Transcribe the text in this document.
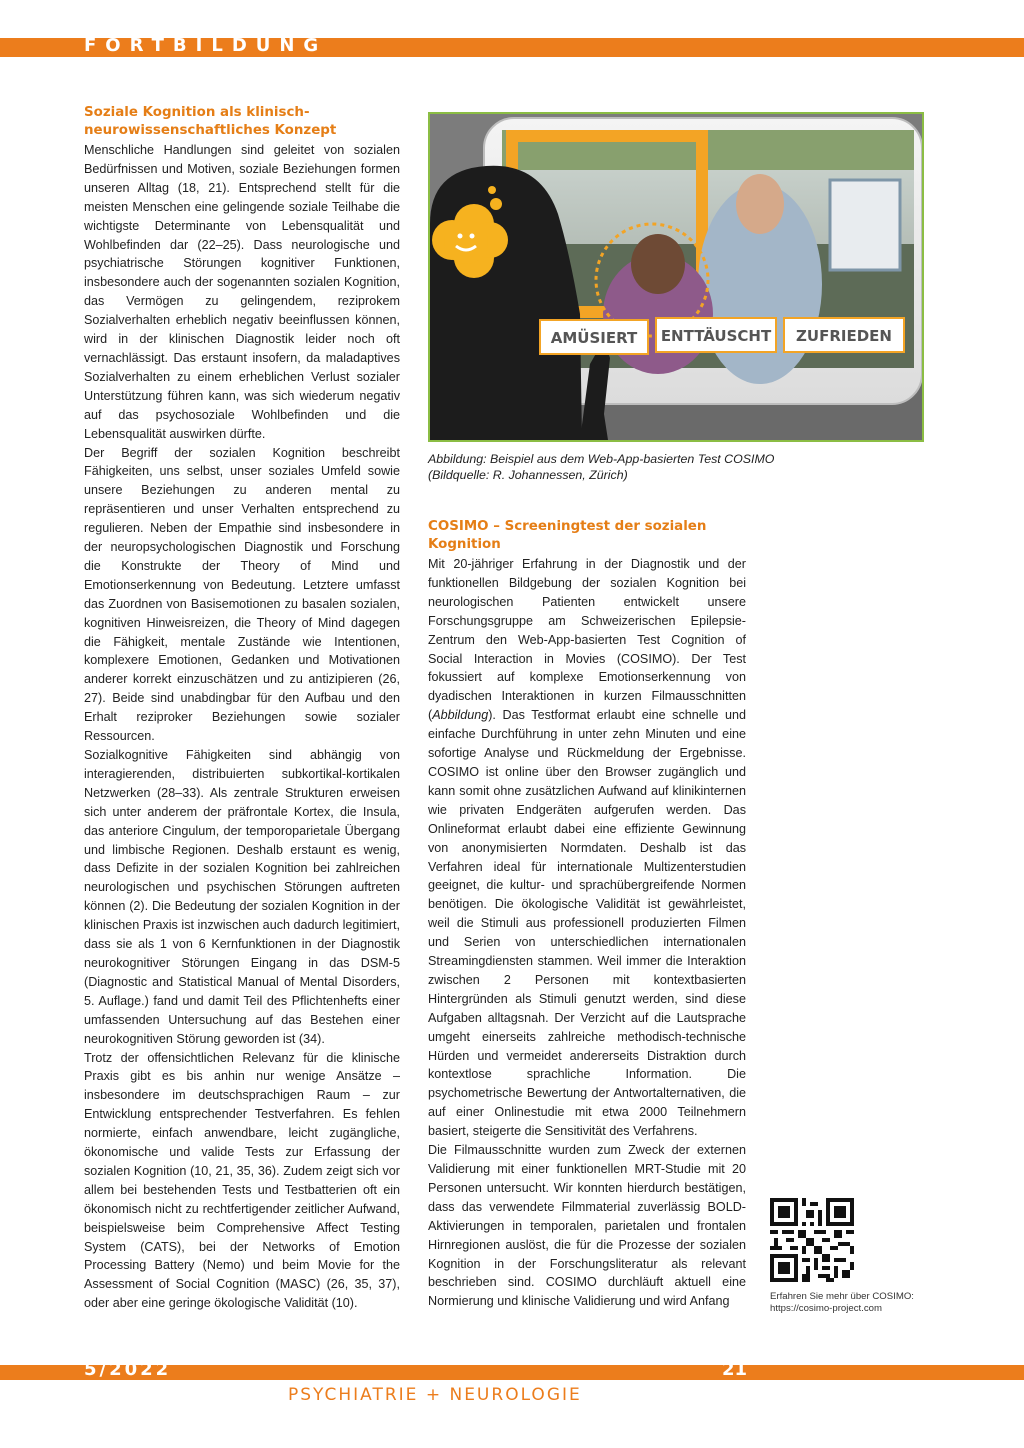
FORTBILDUNG
Soziale Kognition als klinisch-neurowissenschaftliches Konzept

Menschliche Handlungen sind geleitet von sozialen Bedürfnissen und Motiven, soziale Beziehungen formen unseren Alltag (18, 21). Entsprechend stellt für die meisten Menschen eine gelingende soziale Teilhabe die wichtigste Determinante von Lebensqualität und Wohlbefinden dar (22–25). Dass neurologische und psychiatrische Störungen kognitiver Funktionen, insbesondere auch der sogenannten sozialen Kognition, das Vermögen zu gelingendem, reziprokem Sozialverhalten erheblich negativ beeinflussen können, wird in der klinischen Diagnostik leider noch oft vernachlässigt. Das erstaunt insofern, da maladaptives Sozialverhalten zu einem erheblichen Verlust sozialer Unterstützung führen kann, was sich wiederum negativ auf das psychosoziale Wohlbefinden und die Lebensqualität auswirken dürfte.

Der Begriff der sozialen Kognition beschreibt Fähigkeiten, uns selbst, unser soziales Umfeld sowie unsere Beziehungen zu anderen mental zu repräsentieren und unser Verhalten entsprechend zu regulieren. Neben der Empathie sind insbesondere in der neuropsychologischen Diagnostik und Forschung die Konstrukte der Theory of Mind und Emotionserkennung von Bedeutung. Letztere umfasst das Zuordnen von Basisemotionen zu basalen sozialen, kognitiven Hinweisreizen, die Theory of Mind dagegen die Fähigkeit, mentale Zustände wie Intentionen, komplexere Emotionen, Gedanken und Motivationen anderer korrekt einzuschätzen und zu antizipieren (26, 27). Beide sind unabdingbar für den Aufbau und den Erhalt reziproker Beziehungen sowie sozialer Ressourcen.

Sozialkognitive Fähigkeiten sind abhängig von interagierenden, distribuierten subkortikal-kortikalen Netzwerken (28–33). Als zentrale Strukturen erweisen sich unter anderem der präfrontale Kortex, die Insula, das anteriore Cingulum, der temporoparietale Übergang und limbische Regionen. Deshalb erstaunt es wenig, dass Defizite in der sozialen Kognition bei zahlreichen neurologischen und psychischen Störungen auftreten können (2). Die Bedeutung der sozialen Kognition in der klinischen Praxis ist inzwischen auch dadurch legitimiert, dass sie als 1 von 6 Kernfunktionen in der Diagnostik neurokognitiver Störungen Eingang in das DSM-5 (Diagnostic and Statistical Manual of Mental Disorders, 5. Auflage.) fand und damit Teil des Pflichtenhefts einer umfassenden Untersuchung auf das Bestehen einer neurokognitiven Störung geworden ist (34).

Trotz der offensichtlichen Relevanz für die klinische Praxis gibt es bis anhin nur wenige Ansätze – insbesondere im deutschsprachigen Raum – zur Entwicklung entsprechender Testverfahren. Es fehlen normierte, einfach anwendbare, leicht zugängliche, ökonomische und valide Tests zur Erfassung der sozialen Kognition (10, 21, 35, 36). Zudem zeigt sich vor allem bei bestehenden Tests und Testbatterien oft ein ökonomisch nicht zu rechtfertigender zeitlicher Aufwand, beispielsweise beim Comprehensive Affect Testing System (CATS), bei der Networks of Emotion Processing Battery (Nemo) und beim Movie for the Assessment of Social Cognition (MASC) (26, 35, 37), oder aber eine geringe ökologische Validität (10).

AMÜSIERT ENTTÄUSCHT ZUFRIEDEN
Abbildung: Beispiel aus dem Web-App-basierten Test COSIMO
(Bildquelle: R. Johannessen, Zürich)
COSIMO – Screeningtest der sozialen Kognition

Mit 20-jähriger Erfahrung in der Diagnostik und der funktionellen Bildgebung der sozialen Kognition bei neurologischen Patienten entwickelt unsere Forschungsgruppe am Schweizerischen Epilepsie-Zentrum den Web-App-basierten Test Cognition of Social Interaction in Movies (COSIMO). Der Test fokussiert auf komplexe Emotionserkennung von dyadischen Interaktionen in kurzen Filmausschnitten (Abbildung). Das Testformat erlaubt eine schnelle und einfache Durchführung in unter zehn Minuten und eine sofortige Analyse und Rückmeldung der Ergebnisse. COSIMO ist online über den Browser zugänglich und kann somit ohne zusätzlichen Aufwand auf klinikinternen wie privaten Endgeräten aufgerufen werden. Das Onlineformat erlaubt dabei eine effiziente Gewinnung von anonymisierten Normdaten. Deshalb ist das Verfahren ideal für internationale Multizenterstudien geeignet, die kultur- und sprachübergreifende Normen benötigen. Die ökologische Validität ist gewährleistet, weil die Stimuli aus professionell produzierten Filmen und Serien von unterschiedlichen internationalen Streamingdiensten stammen. Weil immer die Interaktion zwischen 2 Personen mit kontextbasierten Hintergründen als Stimuli genutzt werden, sind diese Aufgaben alltagsnah. Der Verzicht auf die Lautsprache umgeht einerseits zahlreiche methodisch-technische Hürden und vermeidet andererseits Distraktion durch kontextlose sprachliche Information. Die psychometrische Bewertung der Antwortalternativen, die auf einer Onlinestudie mit etwa 2000 Teilnehmern basiert, steigerte die Sensitivität des Verfahrens.

Die Filmausschnitte wurden zum Zweck der externen Validierung mit einer funktionellen MRT-Studie mit 20 Personen untersucht. Wir konnten hierdurch bestätigen, dass das verwendete Filmmaterial zuverlässig BOLD-Aktivierungen in temporalen, parietalen und frontalen Hirnregionen auslöst, die für die Prozesse der sozialen Kognition in der Forschungsliteratur als relevant beschrieben sind. COSIMO durchläuft aktuell eine Normierung und klinische Validierung und wird Anfang	Erfahren Sie mehr über COSIMO:
https://cosimo-project.com
5/2022	21
PSYCHIATRIE + NEUROLOGIE
